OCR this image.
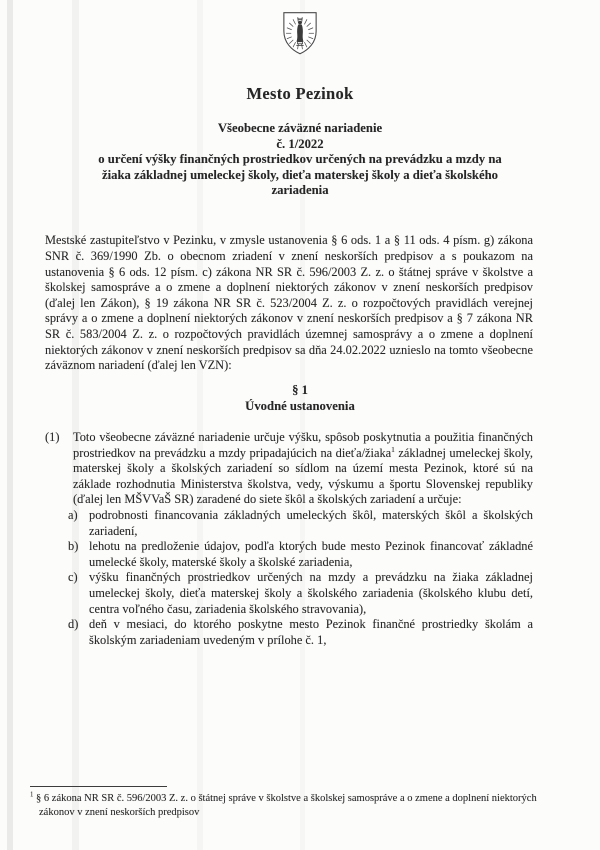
Mesto Pezinok
Všeobecne záväzné nariadenie
č. 1/2022
o určení výšky finančných prostriedkov určených na prevádzku a mzdy na
žiaka základnej umeleckej školy, dieťa materskej školy a dieťa školského
zariadenia

Mestské zastupiteľstvo v Pezinku, v zmysle ustanovenia § 6 ods. 1 a § 11 ods. 4 písm. g) zákona SNR č. 369/1990 Zb. o obecnom zriadení v znení neskorších predpisov a s poukazom na ustanovenia § 6 ods. 12 písm. c) zákona NR SR č. 596/2003 Z. z. o štátnej správe v školstve a školskej samospráve a o zmene a doplnení niektorých zákonov v znení neskorších predpisov (ďalej len Zákon), § 19 zákona NR SR č. 523/2004 Z. z. o rozpočtových pravidlách verejnej správy a o zmene a doplnení niektorých zákonov v znení neskorších predpisov a § 7 zákona NR SR č. 583/2004 Z. z. o rozpočtových pravidlách územnej samosprávy a o zmene a doplnení niektorých zákonov v znení neskorších predpisov sa dňa 24.02.2022 uznieslo na tomto všeobecne záväznom nariadení (ďalej len VZN):

§ 1
Úvodné ustanovenia
(1)	Toto všeobecne záväzné nariadenie určuje výšku, spôsob poskytnutia a použitia finančných prostriedkov na prevádzku a mzdy pripadajúcich na dieťa/žiaka$^1$ základnej umeleckej školy, materskej školy a školských zariadení so sídlom na území mesta Pezinok, ktoré sú na základe rozhodnutia Ministerstva školstva, vedy, výskumu a športu Slovenskej republiky (ďalej len MŠVVaŠ SR) zaradené do siete škôl a školských zariadení a určuje:
a) podrobnosti financovania základných umeleckých škôl, materských škôl a školských zariadení,
b) lehotu na predloženie údajov, podľa ktorých bude mesto Pezinok financovať základné umelecké školy, materské školy a školské zariadenia,
c) výšku finančných prostriedkov určených na mzdy a prevádzku na žiaka základnej umeleckej školy, dieťa materskej školy a školského zariadenia (školského klubu detí, centra voľného času, zariadenia školského stravovania),
d) deň v mesiaci, do ktorého poskytne mesto Pezinok finančné prostriedky školám a školským zariadeniam uvedeným v prílohe č. 1,
$^1$ § 6 zákona NR SR č. 596/2003 Z. z. o štátnej správe v školstve a školskej samospráve a o zmene a doplnení niektorých zákonov v znení neskorších predpisov
